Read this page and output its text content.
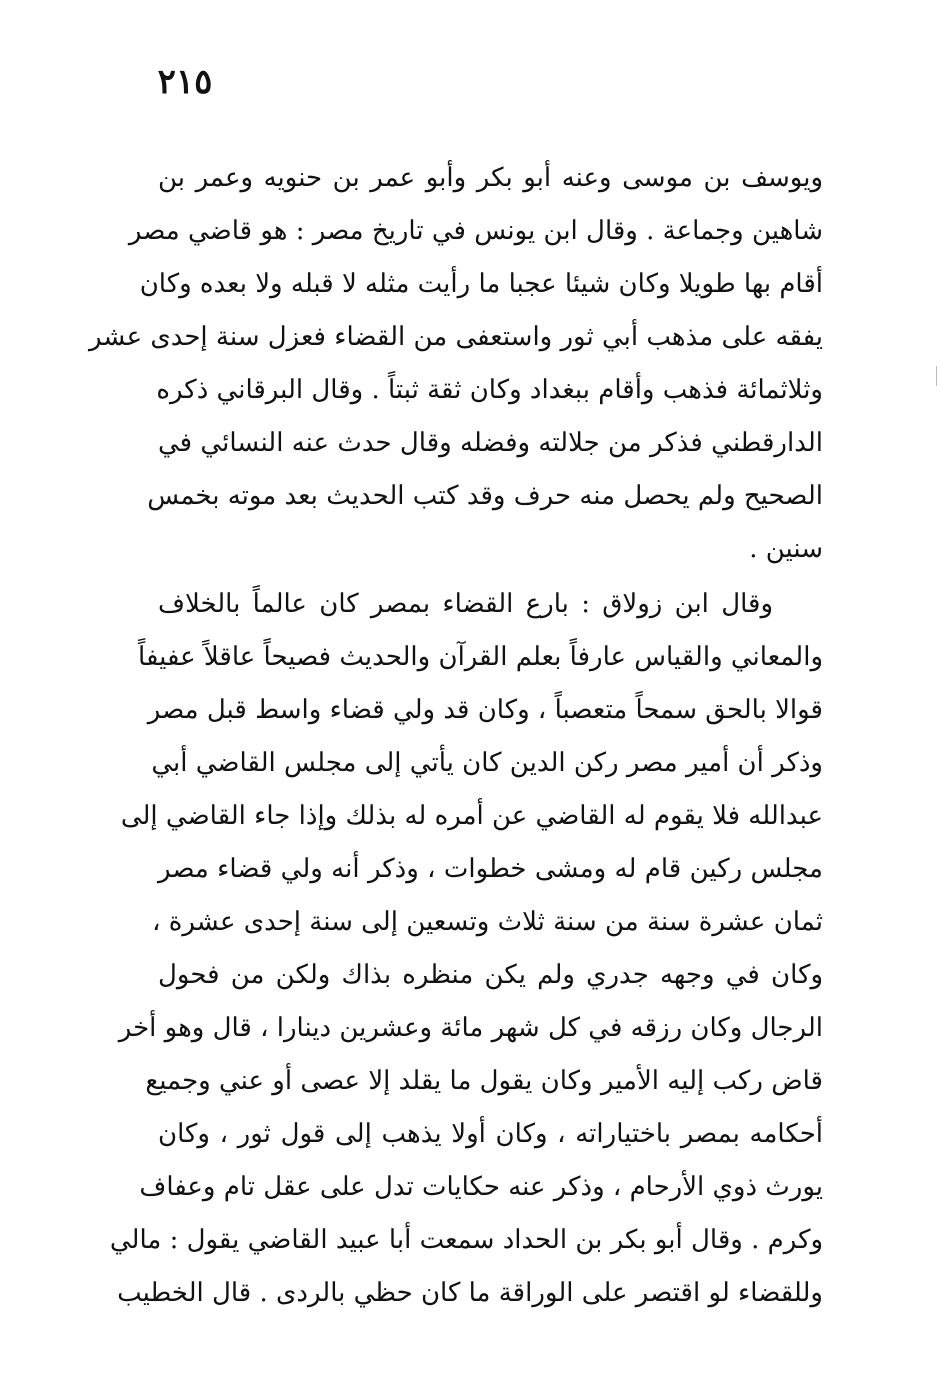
٢١٥
ويوسف بن موسى وعنه أبو بكر وأبو عمر بن حنويه وعمر بن
شاهين وجماعة . وقال ابن يونس في تاريخ مصر : هو قاضي مصر
أقام بها طويلا وكان شيئا عجبا ما رأيت مثله لا قبله ولا بعده وكان
يفقه على مذهب أبي ثور واستعفى من القضاء فعزل سنة إحدى عشر
وثلاثمائة فذهب وأقام ببغداد وكان ثقة ثبتاً . وقال البرقاني ذكره
الدارقطني فذكر من جلالته وفضله وقال حدث عنه النسائي في
الصحيح ولم يحصل منه حرف وقد كتب الحديث بعد موته بخمس
سنين .
وقال ابن زولاق : بارع القضاء بمصر كان عالماً بالخلاف
والمعاني والقياس عارفاً بعلم القرآن والحديث فصيحاً عاقلاً عفيفاً
قوالا بالحق سمحاً متعصباً ، وكان قد ولي قضاء واسط قبل مصر
وذكر أن أمير مصر ركن الدين كان يأتي إلى مجلس القاضي أبي
عبدالله فلا يقوم له القاضي عن أمره له بذلك وإذا جاء القاضي إلى
مجلس ركين قام له ومشى خطوات ، وذكر أنه ولي قضاء مصر
ثمان عشرة سنة من سنة ثلاث وتسعين إلى سنة إحدى عشرة ،
وكان في وجهه جدري ولم يكن منظره بذاك ولكن من فحول
الرجال وكان رزقه في كل شهر مائة وعشرين دينارا ، قال وهو أخر
قاض ركب إليه الأمير وكان يقول ما يقلد إلا عصى أو عني وجميع
أحكامه بمصر باختياراته ، وكان أولا يذهب إلى قول ثور ، وكان
يورث ذوي الأرحام ، وذكر عنه حكايات تدل على عقل تام وعفاف
وكرم . وقال أبو بكر بن الحداد سمعت أبا عبيد القاضي يقول : مالي
وللقضاء لو اقتصر على الوراقة ما كان حظي بالردى . قال الخطيب
